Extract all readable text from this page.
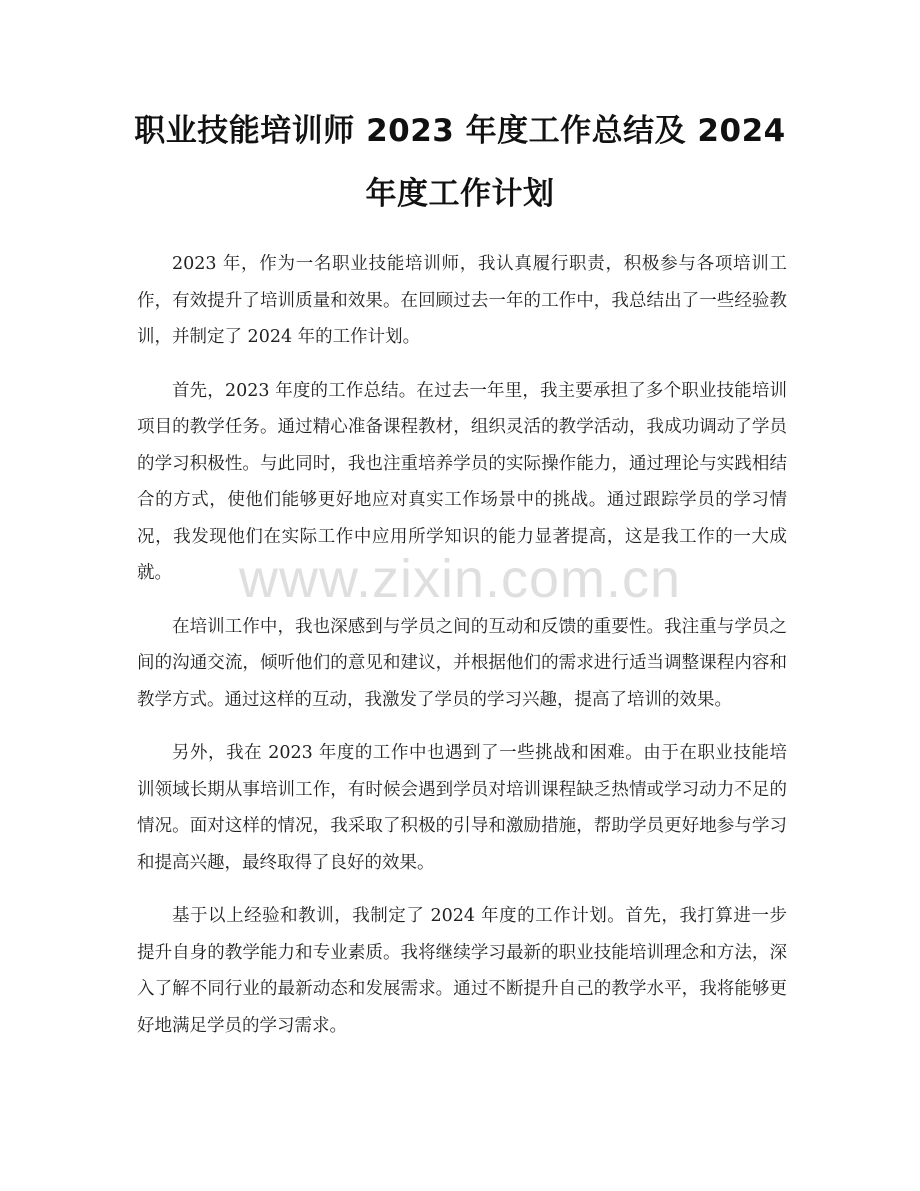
职业技能培训师 2023 年度工作总结及 2024
年度工作计划

2023 年，作为一名职业技能培训师，我认真履行职责，积极参与各项培训工作，有效提升了培训质量和效果。在回顾过去一年的工作中，我总结出了一些经验教训，并制定了 2024 年的工作计划。

首先，2023 年度的工作总结。在过去一年里，我主要承担了多个职业技能培训项目的教学任务。通过精心准备课程教材，组织灵活的教学活动，我成功调动了学员的学习积极性。与此同时，我也注重培养学员的实际操作能力，通过理论与实践相结合的方式，使他们能够更好地应对真实工作场景中的挑战。通过跟踪学员的学习情况，我发现他们在实际工作中应用所学知识的能力显著提高，这是我工作的一大成就。

在培训工作中，我也深感到与学员之间的互动和反馈的重要性。我注重与学员之间的沟通交流，倾听他们的意见和建议，并根据他们的需求进行适当调整课程内容和教学方式。通过这样的互动，我激发了学员的学习兴趣，提高了培训的效果。

另外，我在 2023 年度的工作中也遇到了一些挑战和困难。由于在职业技能培训领域长期从事培训工作，有时候会遇到学员对培训课程缺乏热情或学习动力不足的情况。面对这样的情况，我采取了积极的引导和激励措施，帮助学员更好地参与学习和提高兴趣，最终取得了良好的效果。

基于以上经验和教训，我制定了 2024 年度的工作计划。首先，我打算进一步提升自身的教学能力和专业素质。我将继续学习最新的职业技能培训理念和方法，深入了解不同行业的最新动态和发展需求。通过不断提升自己的教学水平，我将能够更好地满足学员的学习需求。

www.zixin.com.cn
